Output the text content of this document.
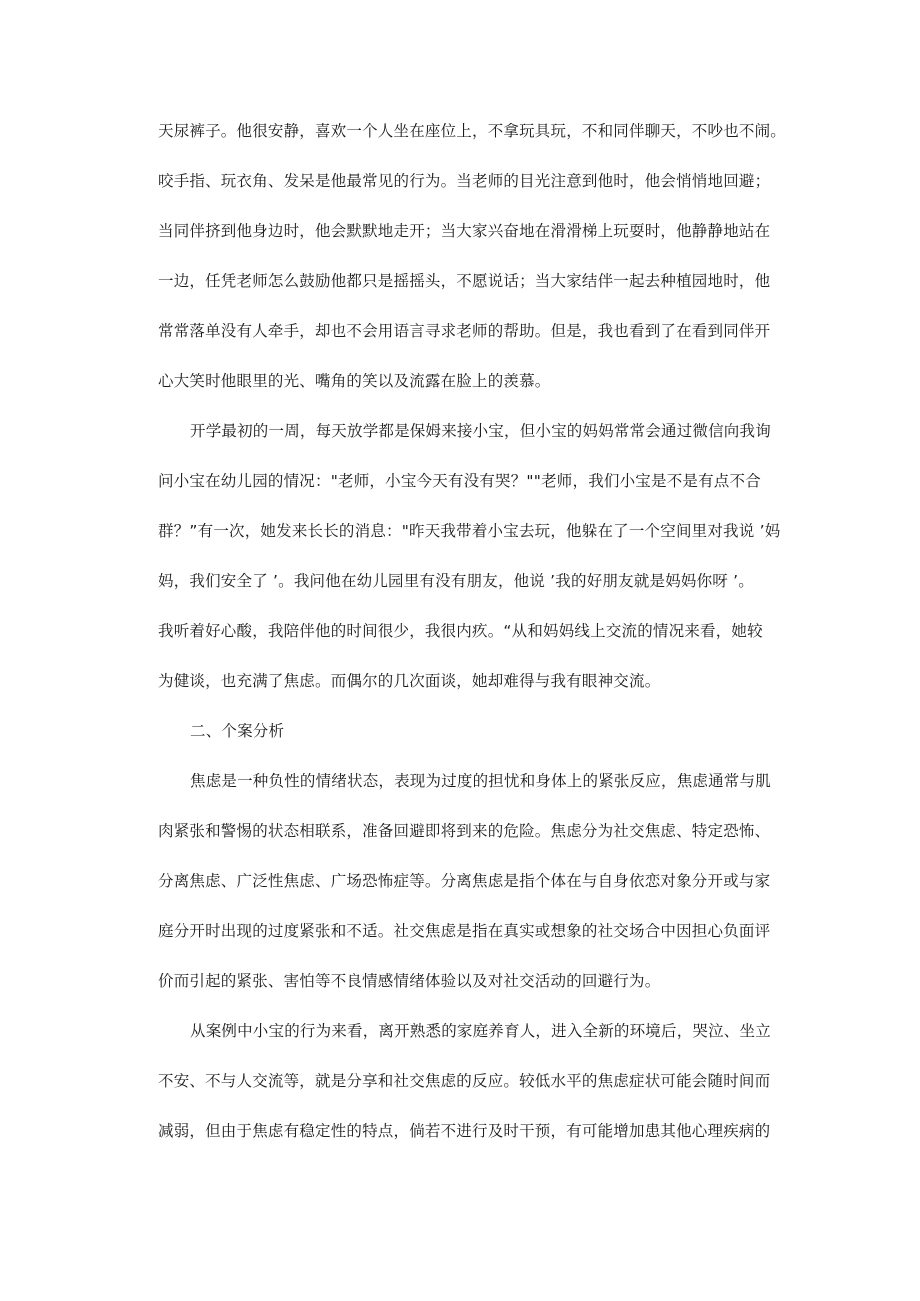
天尿裤子。他很安静，喜欢一个人坐在座位上，不拿玩具玩，不和同伴聊天，不吵也不闹。

咬手指、玩衣角、发呆是他最常见的行为。当老师的目光注意到他时，他会悄悄地回避；

当同伴挤到他身边时，他会默默地走开；当大家兴奋地在滑滑梯上玩耍时，他静静地站在

一边，任凭老师怎么鼓励他都只是摇摇头，不愿说话；当大家结伴一起去种植园地时，他

常常落单没有人牵手，却也不会用语言寻求老师的帮助。但是，我也看到了在看到同伴开

心大笑时他眼里的光、嘴角的笑以及流露在脸上的羡慕。

开学最初的一周，每天放学都是保姆来接小宝，但小宝的妈妈常常会通过微信向我询

问小宝在幼儿园的情况："老师，小宝今天有没有哭？""老师，我们小宝是不是有点不合

群？”有一次，她发来长长的消息："昨天我带着小宝去玩，他躲在了一个空间里对我说 ’妈

妈，我们安全了 ’。我问他在幼儿园里有没有朋友，他说 ’我的好朋友就是妈妈你呀 ’。

我听着好心酸，我陪伴他的时间很少，我很内疚。“从和妈妈线上交流的情况来看，她较

为健谈，也充满了焦虑。而偶尔的几次面谈，她却难得与我有眼神交流。

二、个案分析

焦虑是一种负性的情绪状态，表现为过度的担忧和身体上的紧张反应，焦虑通常与肌

肉紧张和警惕的状态相联系，准备回避即将到来的危险。焦虑分为社交焦虑、特定恐怖、

分离焦虑、广泛性焦虑、广场恐怖症等。分离焦虑是指个体在与自身依恋对象分开或与家

庭分开时出现的过度紧张和不适。社交焦虑是指在真实或想象的社交场合中因担心负面评

价而引起的紧张、害怕等不良情感情绪体验以及对社交活动的回避行为。

从案例中小宝的行为来看，离开熟悉的家庭养育人，进入全新的环境后，哭泣、坐立

不安、不与人交流等，就是分享和社交焦虑的反应。较低水平的焦虑症状可能会随时间而

减弱，但由于焦虑有稳定性的特点，倘若不进行及时干预，有可能增加患其他心理疾病的
